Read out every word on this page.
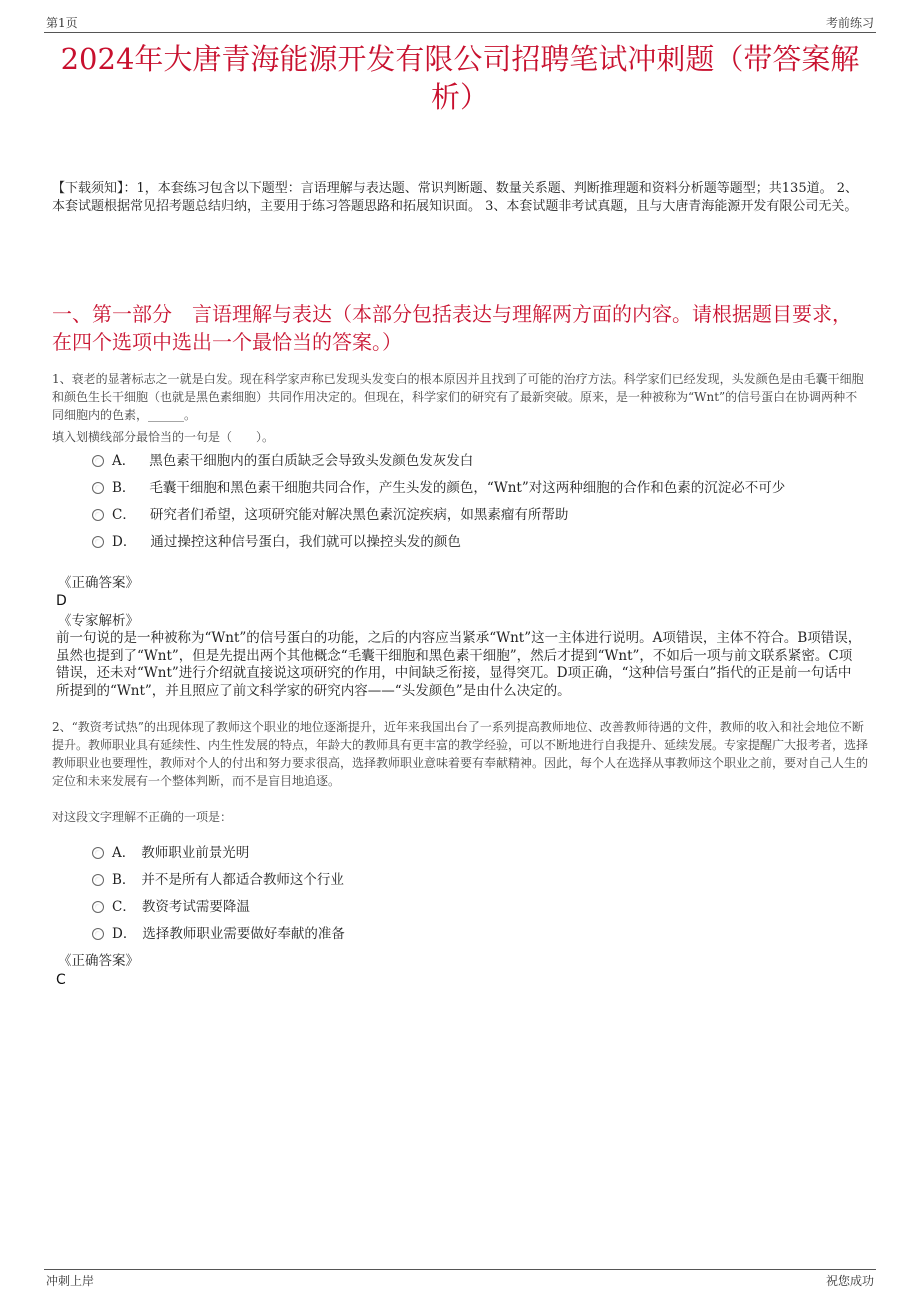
第1页	考前练习
2024年大唐青海能源开发有限公司招聘笔试冲刺题（带答案解析）
【下载须知】：1，本套练习包含以下题型：言语理解与表达题、常识判断题、数量关系题、判断推理题和资料分析题等题型；共135道。 2、本套试题根据常见招考题总结归纳，主要用于练习答题思路和拓展知识面。 3、本套试题非考试真题，且与大唐青海能源开发有限公司无关。
一、第一部分　言语理解与表达（本部分包括表达与理解两方面的内容。请根据题目要求，在四个选项中选出一个最恰当的答案。）
1、衰老的显著标志之一就是白发。现在科学家声称已发现头发变白的根本原因并且找到了可能的治疗方法。科学家们已经发现，头发颜色是由毛囊干细胞和颜色生长干细胞（也就是黑色素细胞）共同作用决定的。但现在，科学家们的研究有了最新突破。原来，是一种被称为“Wnt”的信号蛋白在协调两种不同细胞内的色素，______。
填入划横线部分最恰当的一句是（　　）。
A． 黑色素干细胞内的蛋白质缺乏会导致头发颜色发灰发白
B． 毛囊干细胞和黑色素干细胞共同合作，产生头发的颜色，“Wnt”对这两种细胞的合作和色素的沉淀必不可少
C． 研究者们希望，这项研究能对解决黑色素沉淀疾病，如黑素瘤有所帮助
D． 通过操控这种信号蛋白，我们就可以操控头发的颜色
《正确答案》
D
《专家解析》
前一句说的是一种被称为“Wnt”的信号蛋白的功能，之后的内容应当紧承“Wnt”这一主体进行说明。A项错误，主体不符合。B项错误，虽然也提到了“Wnt”，但是先提出两个其他概念“毛囊干细胞和黑色素干细胞”，然后才提到“Wnt”，不如后一项与前文联系紧密。C项错误，还未对“Wnt”进行介绍就直接说这项研究的作用，中间缺乏衔接，显得突兀。D项正确，“这种信号蛋白”指代的正是前一句话中所提到的“Wnt”，并且照应了前文科学家的研究内容——“头发颜色”是由什么决定的。
2、“教资考试热”的出现体现了教师这个职业的地位逐渐提升，近年来我国出台了一系列提高教师地位、改善教师待遇的文件，教师的收入和社会地位不断提升。教师职业具有延续性、内生性发展的特点，年龄大的教师具有更丰富的教学经验，可以不断地进行自我提升、延续发展。专家提醒广大报考者，选择教师职业也要理性，教师对个人的付出和努力要求很高，选择教师职业意味着要有奉献精神。因此，每个人在选择从事教师这个职业之前，要对自己人生的定位和未来发展有一个整体判断，而不是盲目地追逐。
对这段文字理解不正确的一项是：
A． 教师职业前景光明
B． 并不是所有人都适合教师这个行业
C． 教资考试需要降温
D． 选择教师职业需要做好奉献的准备
《正确答案》
C
冲刺上岸	祝您成功
